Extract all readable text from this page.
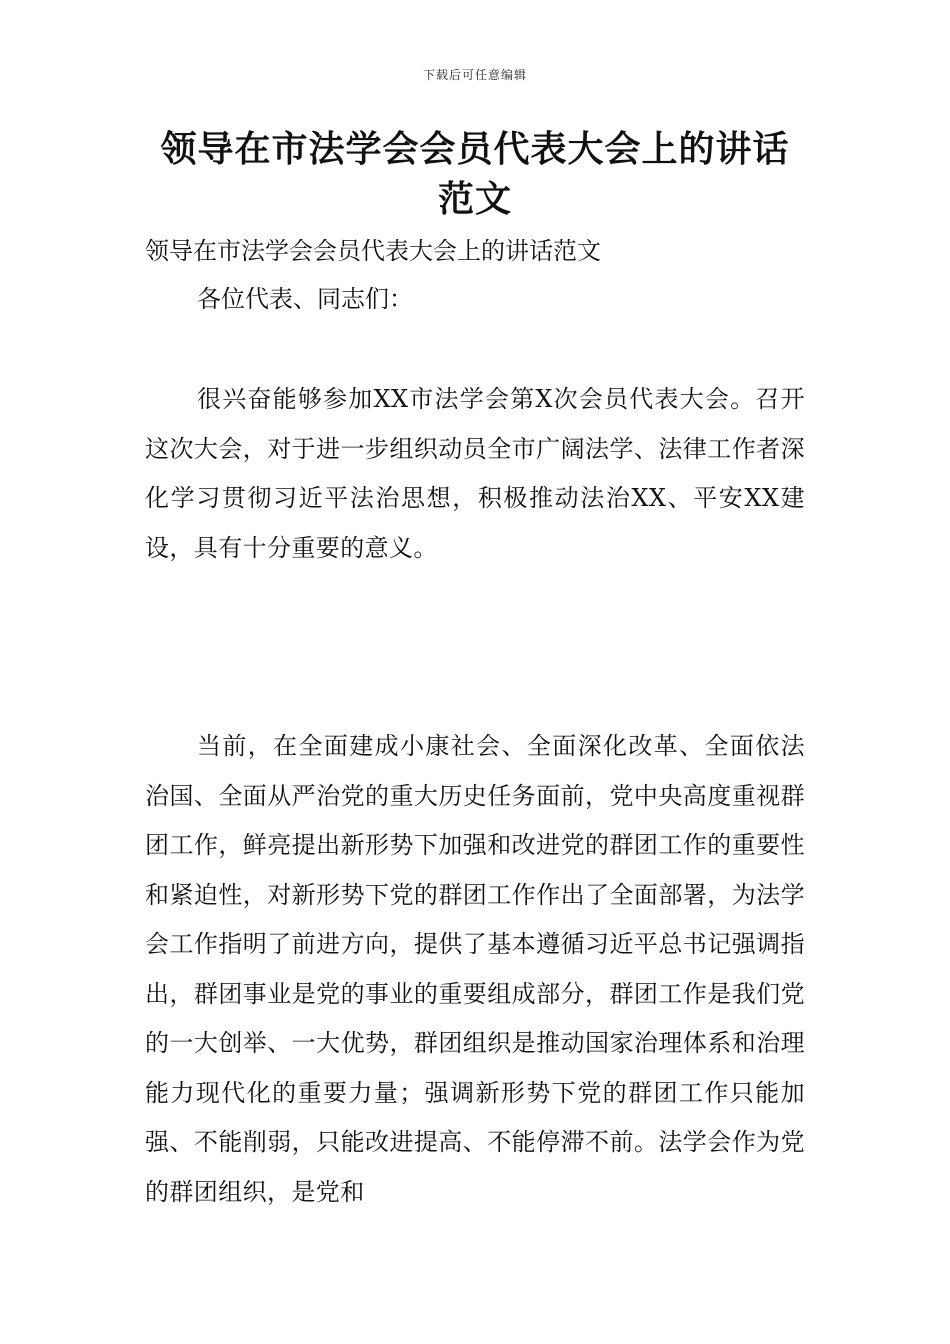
下载后可任意编辑
领导在市法学会会员代表大会上的讲话范文

领导在市法学会会员代表大会上的讲话范文

各位代表、同志们：

很兴奋能够参加XX市法学会第X次会员代表大会。召开这次大会，对于进一步组织动员全市广阔法学、法律工作者深化学习贯彻习近平法治思想，积极推动法治XX、平安XX建设，具有十分重要的意义。

当前，在全面建成小康社会、全面深化改革、全面依法治国、全面从严治党的重大历史任务面前，党中央高度重视群团工作，鲜亮提出新形势下加强和改进党的群团工作的重要性和紧迫性，对新形势下党的群团工作作出了全面部署，为法学会工作指明了前进方向，提供了基本遵循习近平总书记强调指出，群团事业是党的事业的重要组成部分，群团工作是我们党的一大创举、一大优势，群团组织是推动国家治理体系和治理能力现代化的重要力量；强调新形势下党的群团工作只能加强、不能削弱，只能改进提高、不能停滞不前。法学会作为党的群团组织，是党和
